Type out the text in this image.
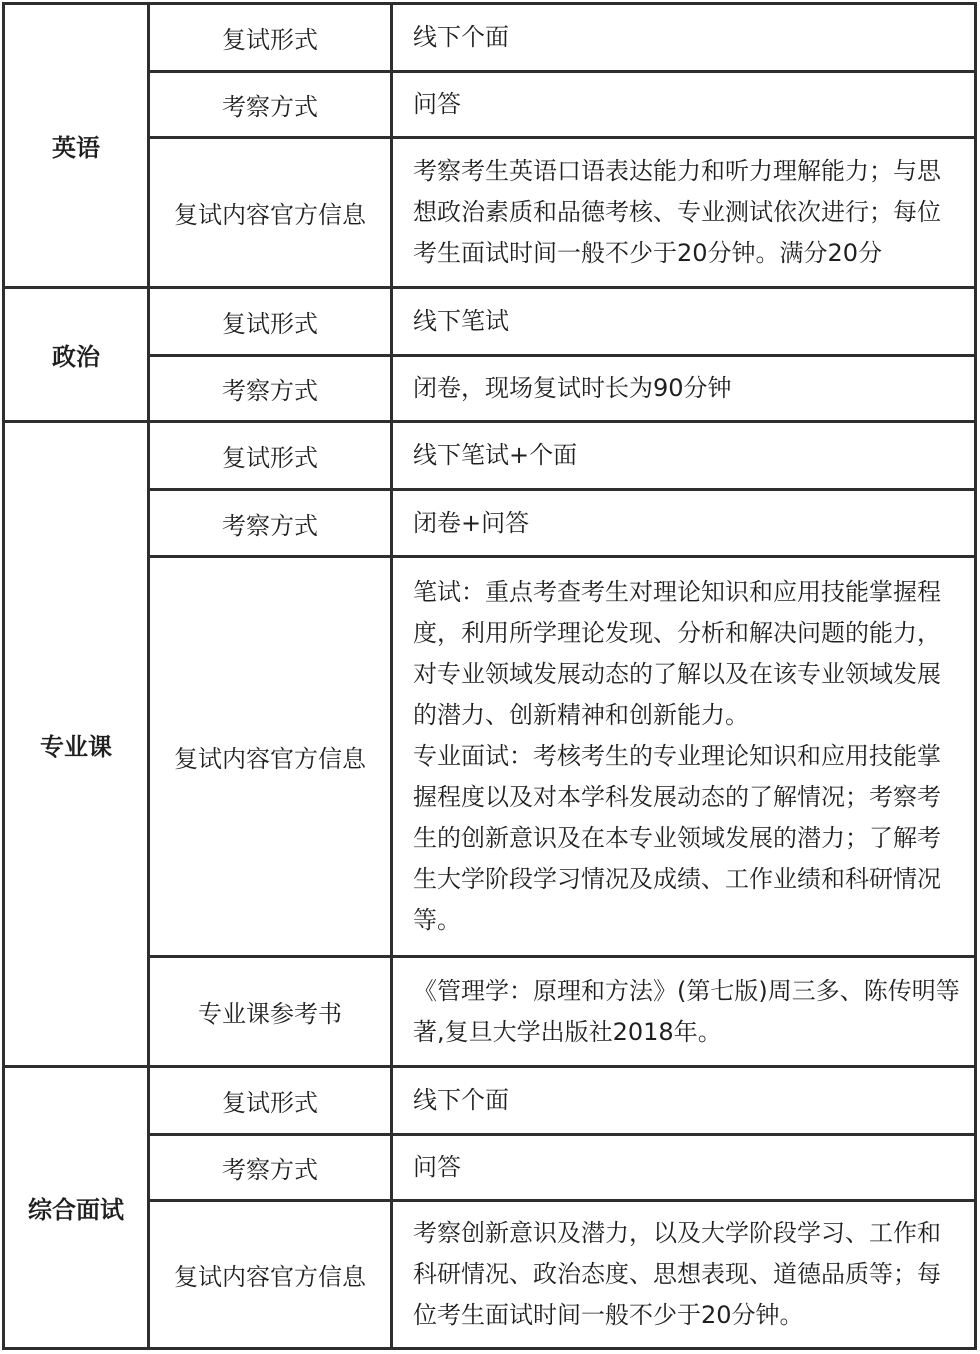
英语	复试形式	线下个面

	考察方式	问答

	复试内容官方信息	考察考生英语口语表达能力和听力理解能力；与思想政治素质和品德考核、专业测试依次进行；每位考生面试时间一般不少于20分钟。满分20分

政治	复试形式	线下笔试

	考察方式	闭卷，现场复试时长为90分钟

专业课	复试形式	线下笔试+个面

	考察方式	闭卷+问答

	复试内容官方信息	笔试：重点考查考生对理论知识和应用技能掌握程度，利用所学理论发现、分析和解决问题的能力，对专业领域发展动态的了解以及在该专业领域发展的潜力、创新精神和创新能力。
专业面试：考核考生的专业理论知识和应用技能掌握程度以及对本学科发展动态的了解情况；考察考生的创新意识及在本专业领域发展的潜力；了解考生大学阶段学习情况及成绩、工作业绩和科研情况等。

	专业课参考书	《管理学：原理和方法》(第七版)周三多、陈传明等著,复旦大学出版社2018年。

综合面试	复试形式	线下个面

	考察方式	问答

	复试内容官方信息	考察创新意识及潜力，以及大学阶段学习、工作和科研情况、政治态度、思想表现、道德品质等；每位考生面试时间一般不少于20分钟。
